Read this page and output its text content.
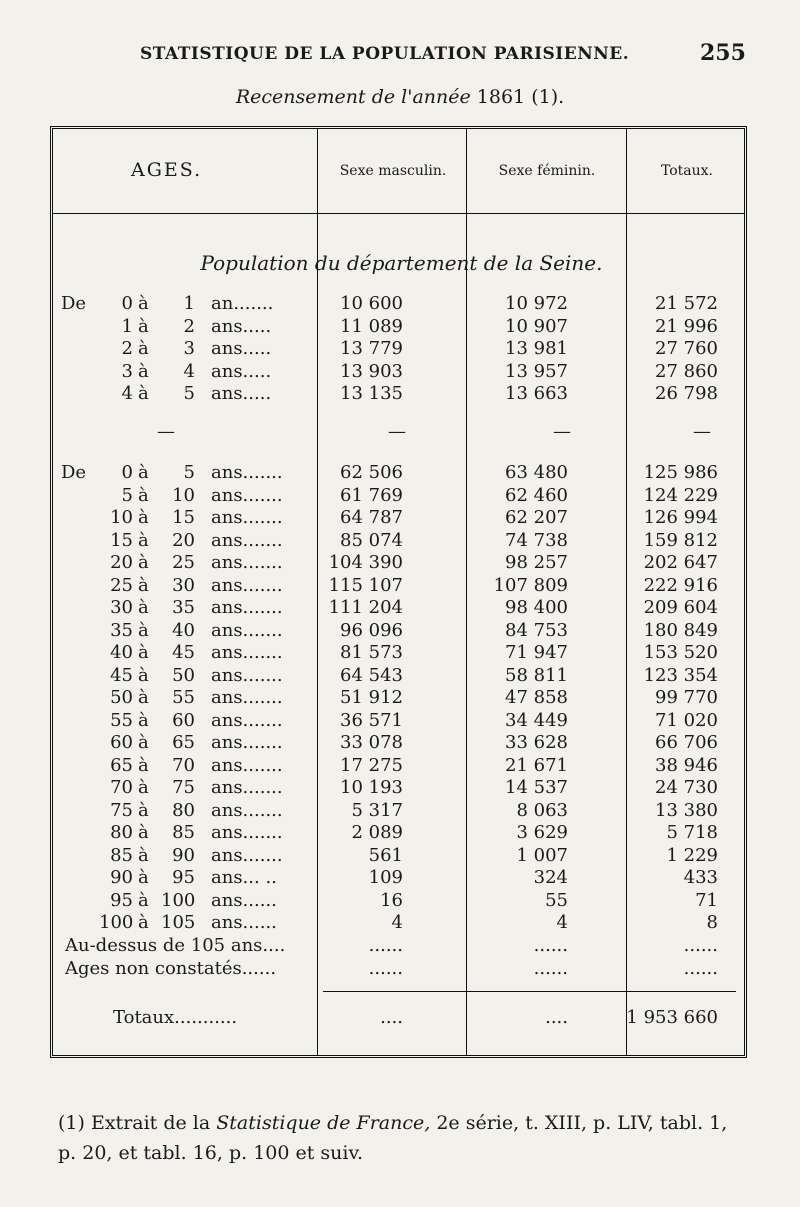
STATISTIQUE DE LA POPULATION PARISIENNE.	255
Recensement de l'année 1861 (1).
AGES.	Sexe masculin.	Sexe féminin.	Totaux.
Population du département de la Seine.
De	0 à	1 an.......	10 600	10 972	21 572
1 à	2 ans.....	11 089	10 907	21 996
2 à	3 ans.....	13 779	13 981	27 760
3 à	4 ans.....	13 903	13 957	27 860
4 à	5 ans.....	13 135	13 663	26 798
—	—	—	—
De	0 à	5 ans.......	62 506	63 480	125 986
5 à	10 ans.......	61 769	62 460	124 229
10 à	15 ans.......	64 787	62 207	126 994
15 à	20 ans.......	85 074	74 738	159 812
20 à	25 ans.......	104 390	98 257	202 647
25 à	30 ans.......	115 107	107 809	222 916
30 à	35 ans.......	111 204	98 400	209 604
35 à	40 ans.......	96 096	84 753	180 849
40 à	45 ans.......	81 573	71 947	153 520
45 à	50 ans.......	64 543	58 811	123 354
50 à	55 ans.......	51 912	47 858	99 770
55 à	60 ans.......	36 571	34 449	71 020
60 à	65 ans.......	33 078	33 628	66 706
65 à	70 ans.......	17 275	21 671	38 946
70 à	75 ans.......	10 193	14 537	24 730
75 à	80 ans.......	5 317	8 063	13 380
80 à	85 ans.......	2 089	3 629	5 718
85 à	90 ans.......	561	1 007	1 229
90 à	95 ans... ..	109	324	433
95 à 100 ans......	16	55	71
100 à 105 ans......	4	4	8
Au-dessus de 105 ans....	......	......	......
Ages non constatés......	......	......	......
Totaux...........	....	....	1 953 660
(1) Extrait de la Statistique de France, 2e série, t. XIII, p. LIV, tabl. 1,
p. 20, et tabl. 16, p. 100 et suiv.
